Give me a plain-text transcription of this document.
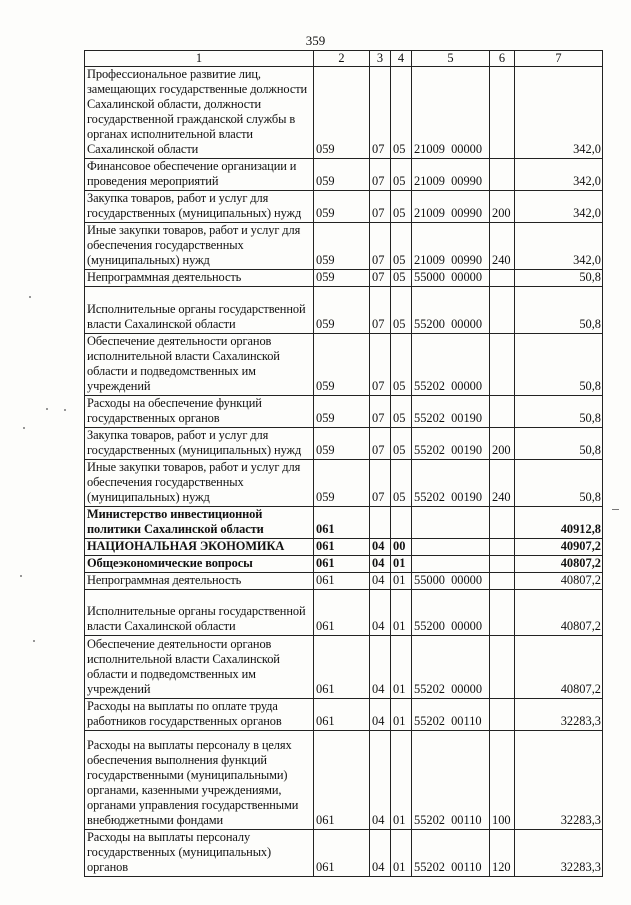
359
1	2	3	4	5	6	7
Профессиональное развитие лиц, замещающих государственные должности Сахалинской области, должности государственной гражданской службы в органах исполнительной власти Сахалинской области	059	07	05	21009 00000		342,0
Финансовое обеспечение организации и проведения мероприятий	059	07	05	21009 00990		342,0
Закупка товаров, работ и услуг для государственных (муниципальных) нужд	059	07	05	21009 00990	200	342,0
Иные закупки товаров, работ и услуг для обеспечения государственных (муниципальных) нужд	059	07	05	21009 00990	240	342,0
Непрограммная деятельность	059	07	05	55000 00000		50,8
Исполнительные органы государственной власти Сахалинской области	059	07	05	55200 00000		50,8
Обеспечение деятельности органов исполнительной власти Сахалинской области и подведомственных им учреждений	059	07	05	55202 00000		50,8
Расходы на обеспечение функций государственных органов	059	07	05	55202 00190		50,8
Закупка товаров, работ и услуг для государственных (муниципальных) нужд	059	07	05	55202 00190	200	50,8
Иные закупки товаров, работ и услуг для обеспечения государственных (муниципальных) нужд	059	07	05	55202 00190	240	50,8
Министерство инвестиционной политики Сахалинской области	061					40912,8
НАЦИОНАЛЬНАЯ ЭКОНОМИКА	061	04	00			40907,2
Общеэкономические вопросы	061	04	01			40807,2
Непрограммная деятельность	061	04	01	55000 00000		40807,2
Исполнительные органы государственной власти Сахалинской области	061	04	01	55200 00000		40807,2
Обеспечение деятельности органов исполнительной власти Сахалинской области и подведомственных им учреждений	061	04	01	55202 00000		40807,2
Расходы на выплаты по оплате труда работников государственных органов	061	04	01	55202 00110		32283,3
Расходы на выплаты персоналу в целях обеспечения выполнения функций государственными (муниципальными) органами, казенными учреждениями, органами управления государственными внебюджетными фондами	061	04	01	55202 00110	100	32283,3
Расходы на выплаты персоналу государственных (муниципальных) органов	061	04	01	55202 00110	120	32283,3
